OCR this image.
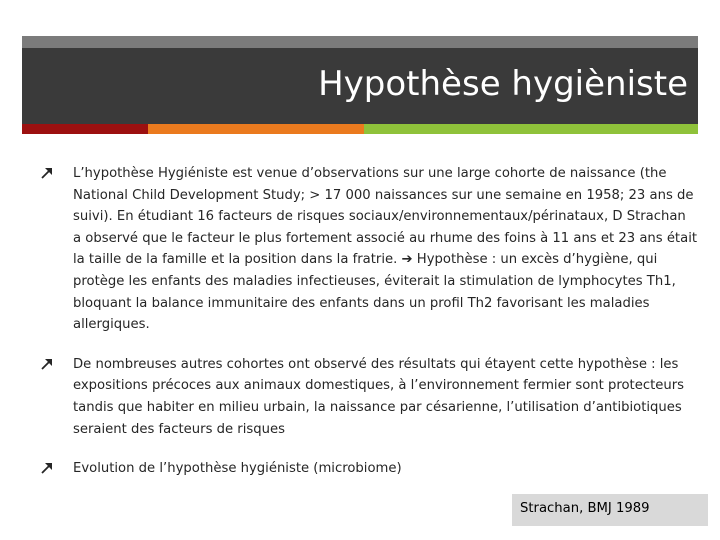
Hypothèse hygièniste
L’hypothèse Hygiéniste est venue d’observations sur une large cohorte de naissance (the National Child Development Study; > 17 000 naissances sur une semaine en 1958; 23 ans de suivi). En étudiant 16 facteurs de risques sociaux/environnementaux/périnataux, D Strachan a observé que le facteur le plus fortement associé au rhume des foins à 11 ans et 23 ans était la taille de la famille et la position dans la fratrie. ➔ Hypothèse : un excès d’hygiène, qui protège les enfants des maladies infectieuses, éviterait la stimulation de lymphocytes Th1, bloquant la balance immunitaire des enfants dans un profil Th2 favorisant les maladies allergiques.
De nombreuses autres cohortes ont observé des résultats qui étayent cette hypothèse : les expositions précoces aux animaux domestiques, à l’environnement fermier sont protecteurs tandis que habiter en milieu urbain, la naissance par césarienne, l’utilisation d’antibiotiques seraient des facteurs de risques
Evolution de l’hypothèse hygiéniste (microbiome)
Strachan, BMJ 1989
